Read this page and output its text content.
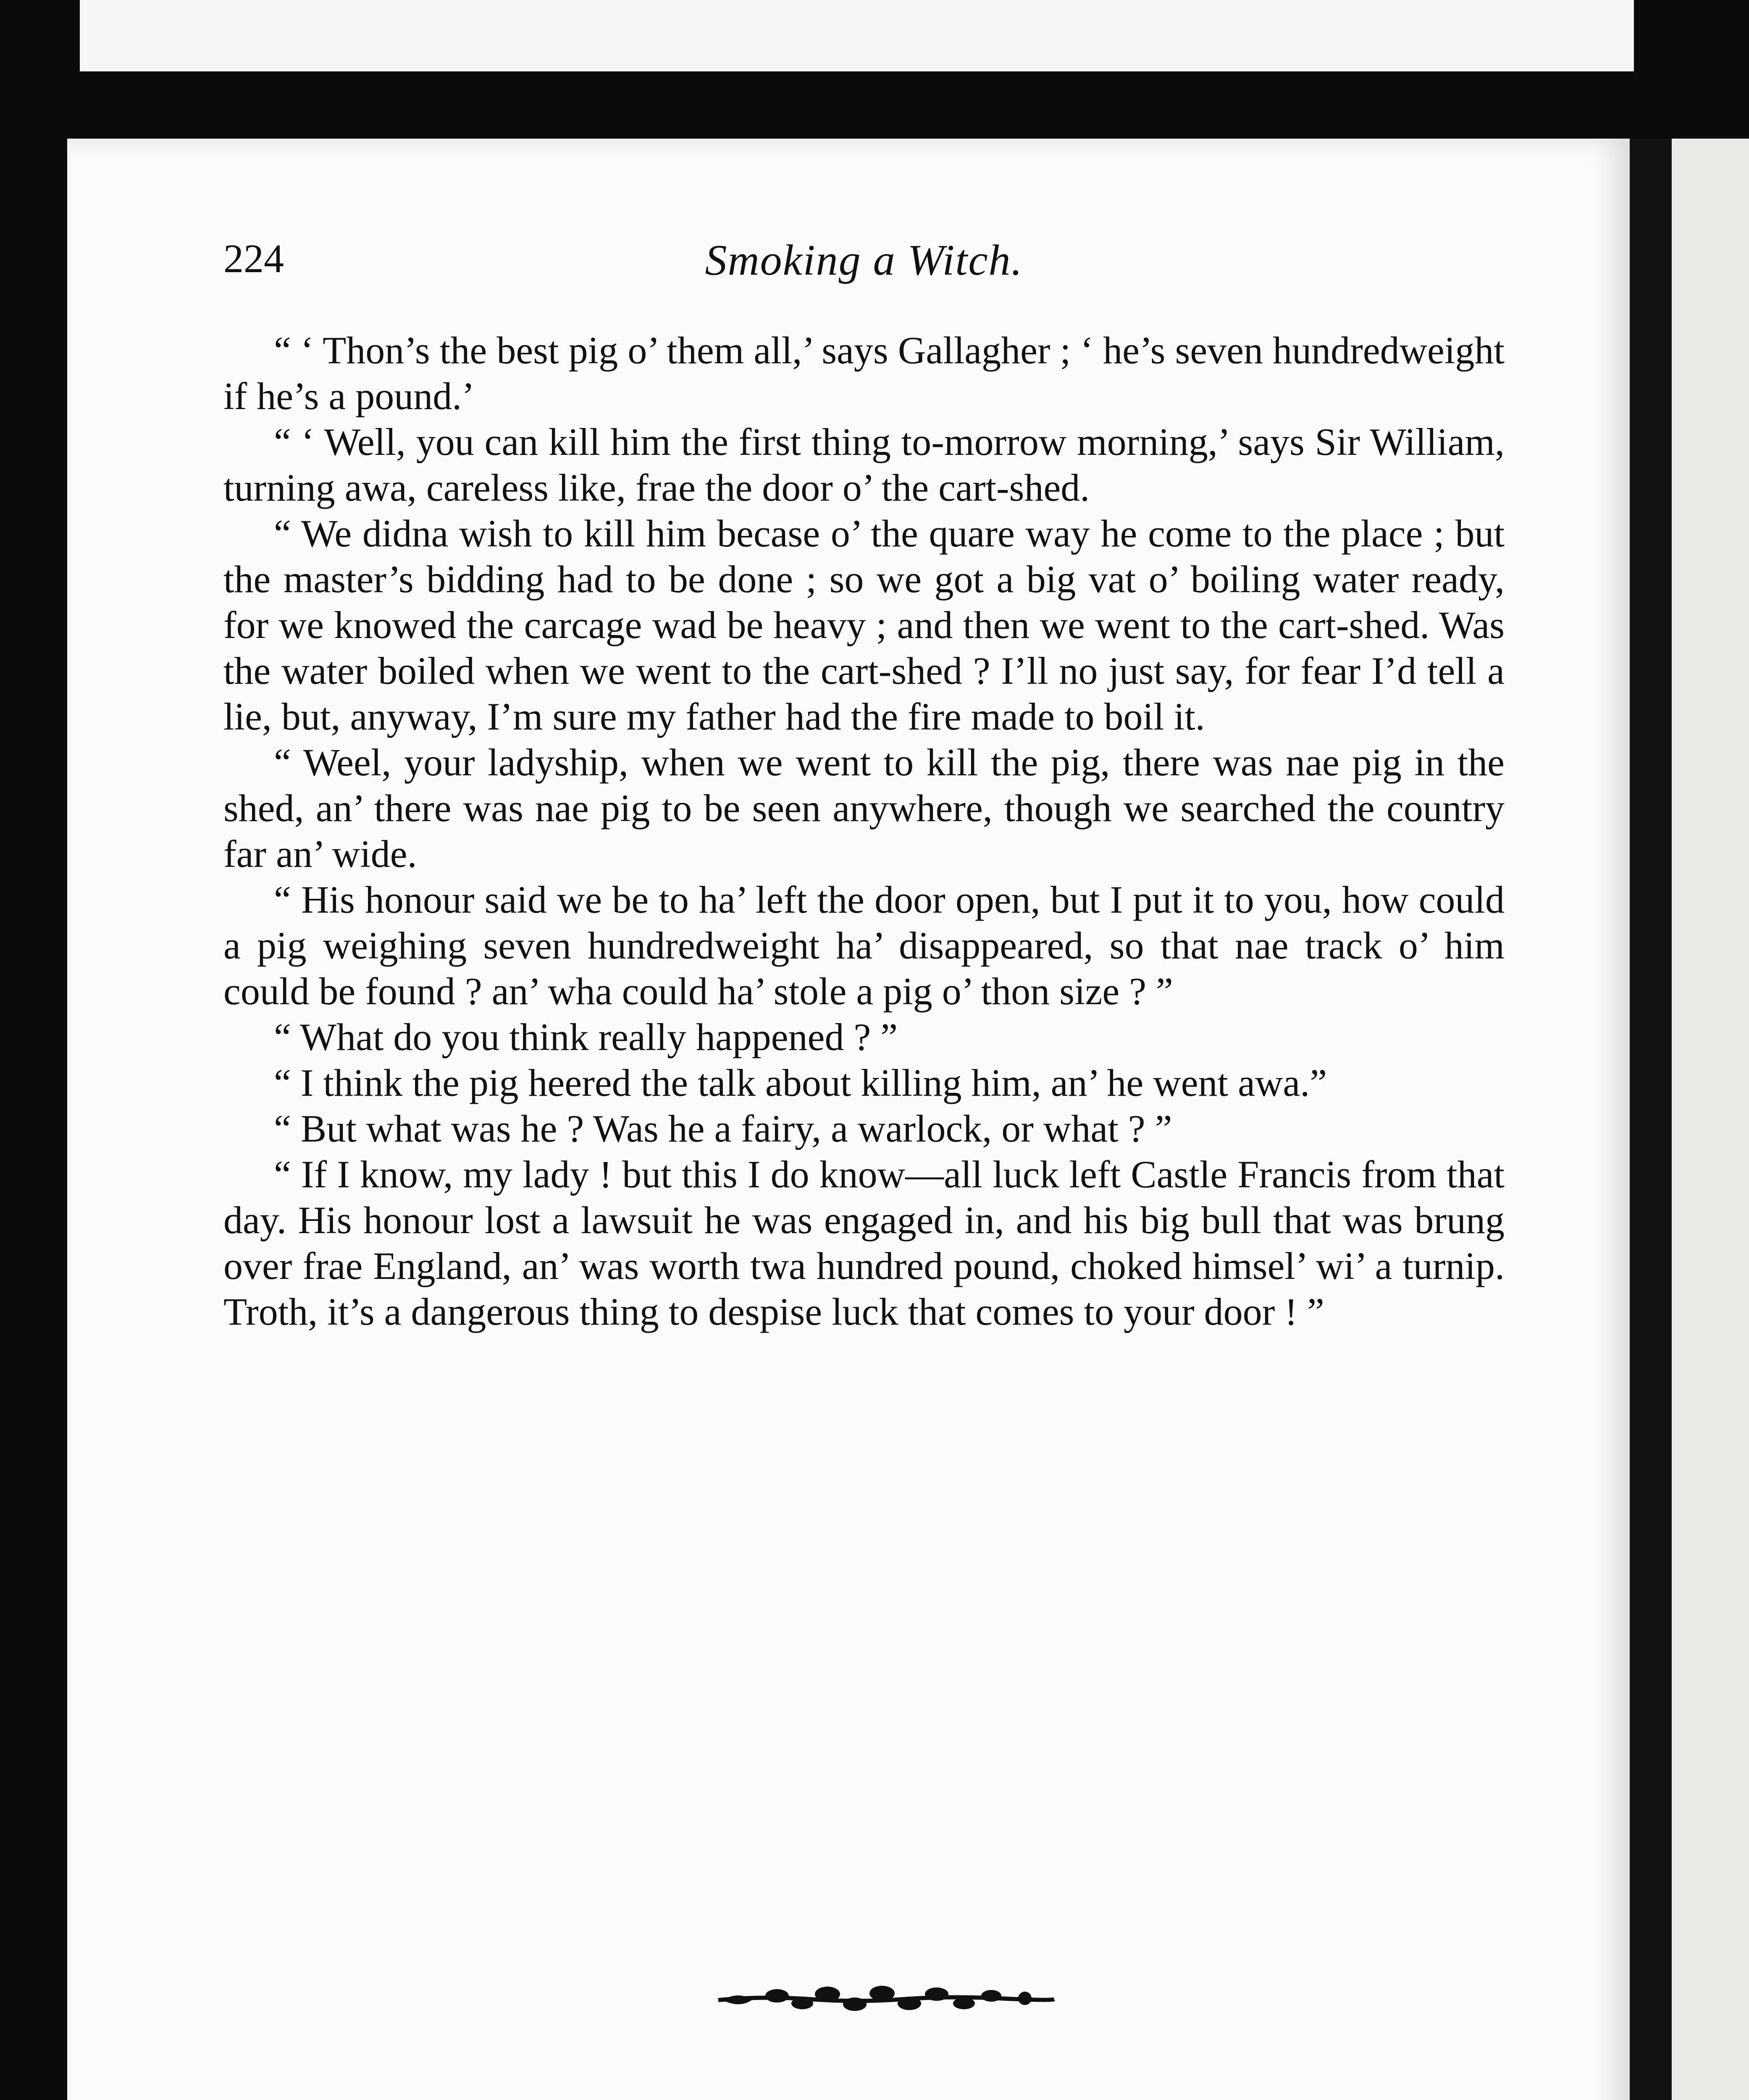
Smoking a Witch.
224

“ ‘ Thon’s the best pig o’ them all,’ says Gallagher ; ‘ he’s seven hundredweight if he’s a pound.’

“ ‘ Well, you can kill him the first thing to-morrow morning,’ says Sir William, turning awa, careless like, frae the door o’ the cart-shed.

“ We didna wish to kill him becase o’ the quare way he come to the place ; but the master’s bidding had to be done ; so we got a big vat o’ boiling water ready, for we knowed the carcage wad be heavy ; and then we went to the cart-shed. Was the water boiled when we went to the cart-shed ? I’ll no just say, for fear I’d tell a lie, but, anyway, I’m sure my father had the fire made to boil it.

“ Weel, your ladyship, when we went to kill the pig, there was nae pig in the shed, an’ there was nae pig to be seen anywhere, though we searched the country far an’ wide.

“ His honour said we be to ha’ left the door open, but I put it to you, how could a pig weighing seven hundredweight ha’ disappeared, so that nae track o’ him could be found ? an’ wha could ha’ stole a pig o’ thon size ? ”

“ What do you think really happened ? ”

“ I think the pig heered the talk about killing him, an’ he went awa.”

“ But what was he ? Was he a fairy, a warlock, or what ? ”

“ If I know, my lady ! but this I do know—all luck left Castle Francis from that day. His honour lost a lawsuit he was engaged in, and his big bull that was brung over frae England, an’ was worth twa hundred pound, choked himsel’ wi’ a turnip. Troth, it’s a dangerous thing to despise luck that comes to your door ! ”
